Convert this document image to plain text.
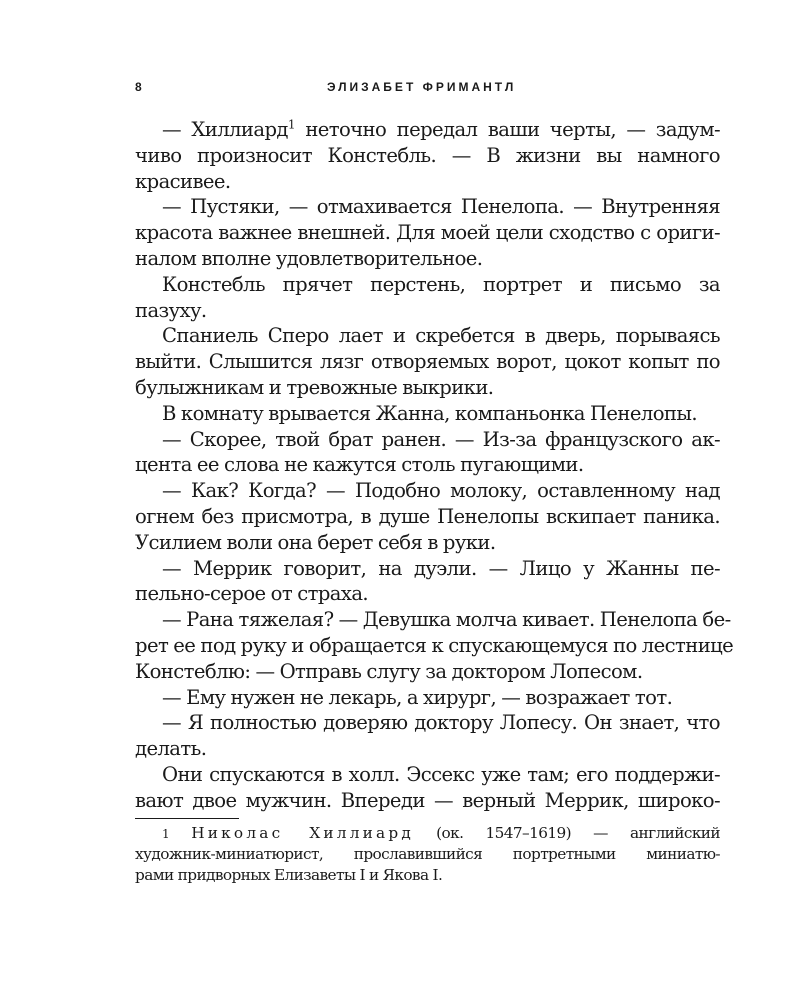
8	ЭЛИЗАБЕТ ФРИМАНТЛ
— Хиллиард$^1$ неточно передал ваши черты, — задум-
чиво произносит Констебль. — В жизни вы намного
красивее.
— Пустяки, — отмахивается Пенелопа. — Внутренняя
красота важнее внешней. Для моей цели сходство с ориги-
налом вполне удовлетворительное.
Констебль прячет перстень, портрет и письмо за
пазуху.
Спаниель Сперо лает и скребется в дверь, порываясь
выйти. Слышится лязг отворяемых ворот, цокот копыт по
булыжникам и тревожные выкрики.
В комнату врывается Жанна, компаньонка Пенелопы.
— Скорее, твой брат ранен. — Из-за французского ак-
цента ее слова не кажутся столь пугающими.
— Как? Когда? — Подобно молоку, оставленному над
огнем без присмотра, в душе Пенелопы вскипает паника.
Усилием воли она берет себя в руки.
— Меррик говорит, на дуэли. — Лицо у Жанны пе-
пельно-серое от страха.
— Рана тяжелая? — Девушка молча кивает. Пенелопа бе-
рет ее под руку и обращается к спускающемуся по лестнице
Констеблю: — Отправь слугу за доктором Лопесом.
— Ему нужен не лекарь, а хирург, — возражает тот.
— Я полностью доверяю доктору Лопесу. Он знает, что
делать.
Они спускаются в холл. Эссекс уже там; его поддержи-
вают двое мужчин. Впереди — верный Меррик, широко-
1 Николас Хиллиард (ок. 1547–1619) — английский
художник-миниатюрист, прославившийся портретными миниатю-
рами придворных Елизаветы I и Якова I.
